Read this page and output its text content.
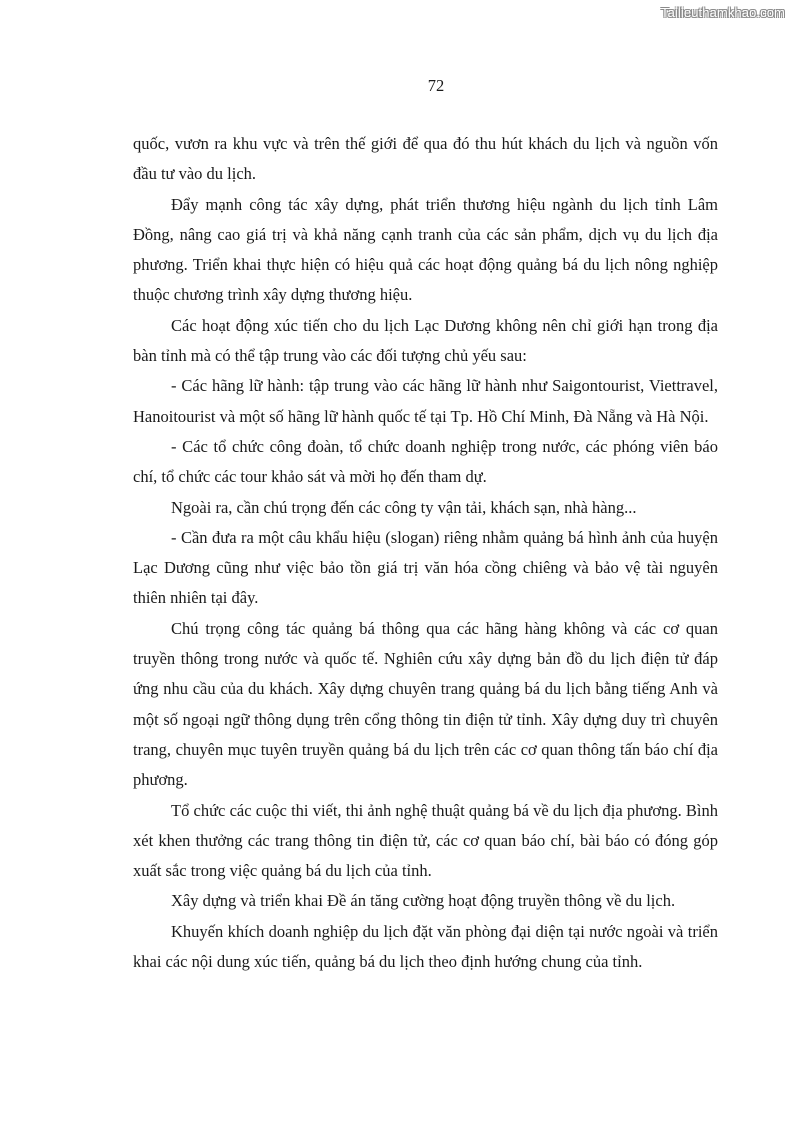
Tailieuthamkhao.com
72

quốc, vươn ra khu vực và trên thế giới để qua đó thu hút khách du lịch và nguồn vốn đầu tư vào du lịch.

Đẩy mạnh công tác xây dựng, phát triển thương hiệu ngành du lịch tỉnh Lâm Đồng, nâng cao giá trị và khả năng cạnh tranh của các sản phẩm, dịch vụ du lịch địa phương. Triển khai thực hiện có hiệu quả các hoạt động quảng bá du lịch nông nghiệp thuộc chương trình xây dựng thương hiệu.

Các hoạt động xúc tiến cho du lịch Lạc Dương không nên chỉ giới hạn trong địa bàn tỉnh mà có thể tập trung vào các đối tượng chủ yếu sau:

- Các hãng lữ hành: tập trung vào các hãng lữ hành như Saigontourist, Viettravel, Hanoitourist và một số hãng lữ hành quốc tế tại Tp. Hồ Chí Minh, Đà Nẵng và Hà Nội.

- Các tổ chức công đoàn, tổ chức doanh nghiệp trong nước, các phóng viên báo chí, tổ chức các tour khảo sát và mời họ đến tham dự.

Ngoài ra, cần chú trọng đến các công ty vận tải, khách sạn, nhà hàng...

- Cần đưa ra một câu khẩu hiệu (slogan) riêng nhằm quảng bá hình ảnh của huyện Lạc Dương cũng như việc bảo tồn giá trị văn hóa cồng chiêng và bảo vệ tài nguyên thiên nhiên tại đây.

Chú trọng công tác quảng bá thông qua các hãng hàng không và các cơ quan truyền thông trong nước và quốc tế. Nghiên cứu xây dựng bản đồ du lịch điện tử đáp ứng nhu cầu của du khách. Xây dựng chuyên trang quảng bá du lịch bằng tiếng Anh và một số ngoại ngữ thông dụng trên cổng thông tin điện tử tỉnh. Xây dựng duy trì chuyên trang, chuyên mục tuyên truyền quảng bá du lịch trên các cơ quan thông tấn báo chí địa phương.

Tổ chức các cuộc thi viết, thi ảnh nghệ thuật quảng bá về du lịch địa phương. Bình xét khen thưởng các trang thông tin điện tử, các cơ quan báo chí, bài báo có đóng góp xuất sắc trong việc quảng bá du lịch của tỉnh.

Xây dựng và triển khai Đề án tăng cường hoạt động truyền thông về du lịch.

Khuyến khích doanh nghiệp du lịch đặt văn phòng đại diện tại nước ngoài và triển khai các nội dung xúc tiến, quảng bá du lịch theo định hướng chung của tỉnh.
